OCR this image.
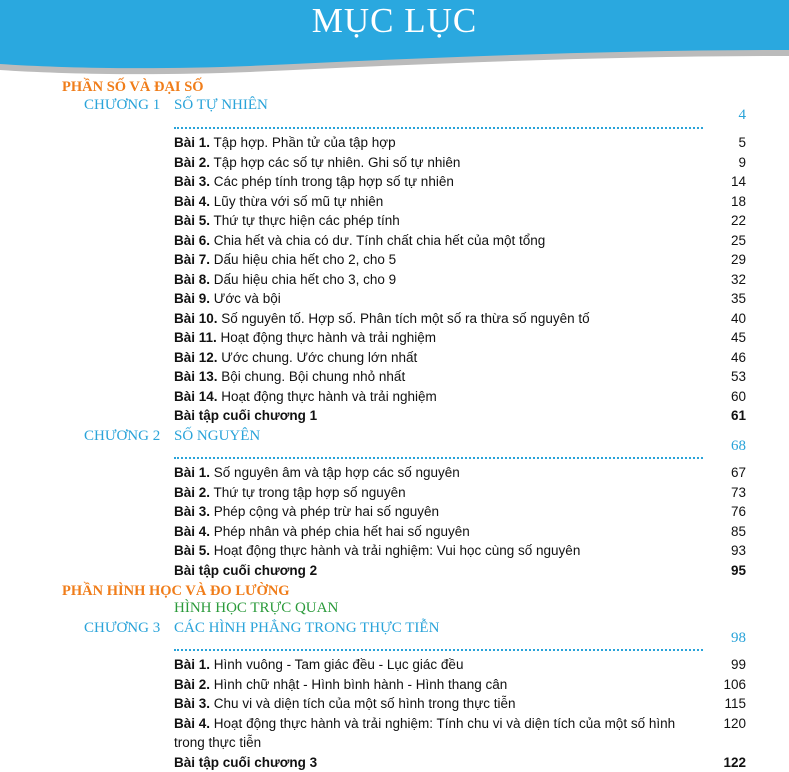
MỤC LỤC
PHẦN SỐ VÀ ĐẠI SỐ
CHƯƠNG 1 SỐ TỰ NHIÊN
4
Bài 1. Tập hợp. Phần tử của tập hợp	5
Bài 2. Tập hợp các số tự nhiên. Ghi số tự nhiên	9
Bài 3. Các phép tính trong tập hợp số tự nhiên	14
Bài 4. Lũy thừa với số mũ tự nhiên	18
Bài 5. Thứ tự thực hiện các phép tính	22
Bài 6. Chia hết và chia có dư. Tính chất chia hết của một tổng	25
Bài 7. Dấu hiệu chia hết cho 2, cho 5	29
Bài 8. Dấu hiệu chia hết cho 3, cho 9	32
Bài 9. Ước và bội	35
Bài 10. Số nguyên tố. Hợp số. Phân tích một số ra thừa số nguyên tố	40
Bài 11. Hoạt động thực hành và trải nghiệm	45
Bài 12. Ước chung. Ước chung lớn nhất	46
Bài 13. Bội chung. Bội chung nhỏ nhất	53
Bài 14. Hoạt động thực hành và trải nghiệm	60
Bài tập cuối chương 1	61
CHƯƠNG 2 SỐ NGUYÊN
68
Bài 1. Số nguyên âm và tập hợp các số nguyên	67
Bài 2. Thứ tự trong tập hợp số nguyên	73
Bài 3. Phép cộng và phép trừ hai số nguyên	76
Bài 4. Phép nhân và phép chia hết hai số nguyên	85
Bài 5. Hoạt động thực hành và trải nghiệm: Vui học cùng số nguyên	93
Bài tập cuối chương 2	95
PHẦN HÌNH HỌC VÀ ĐO LƯỜNG
HÌNH HỌC TRỰC QUAN
CHƯƠNG 3 CÁC HÌNH PHẲNG TRONG THỰC TIỄN
98
Bài 1. Hình vuông - Tam giác đều - Lục giác đều	99
Bài 2. Hình chữ nhật - Hình bình hành - Hình thang cân	106
Bài 3. Chu vi và diện tích của một số hình trong thực tiễn	115
Bài 4. Hoạt động thực hành và trải nghiệm: Tính chu vi và diện tích của một số hình trong thực tiễn
120
Bài tập cuối chương 3	122
